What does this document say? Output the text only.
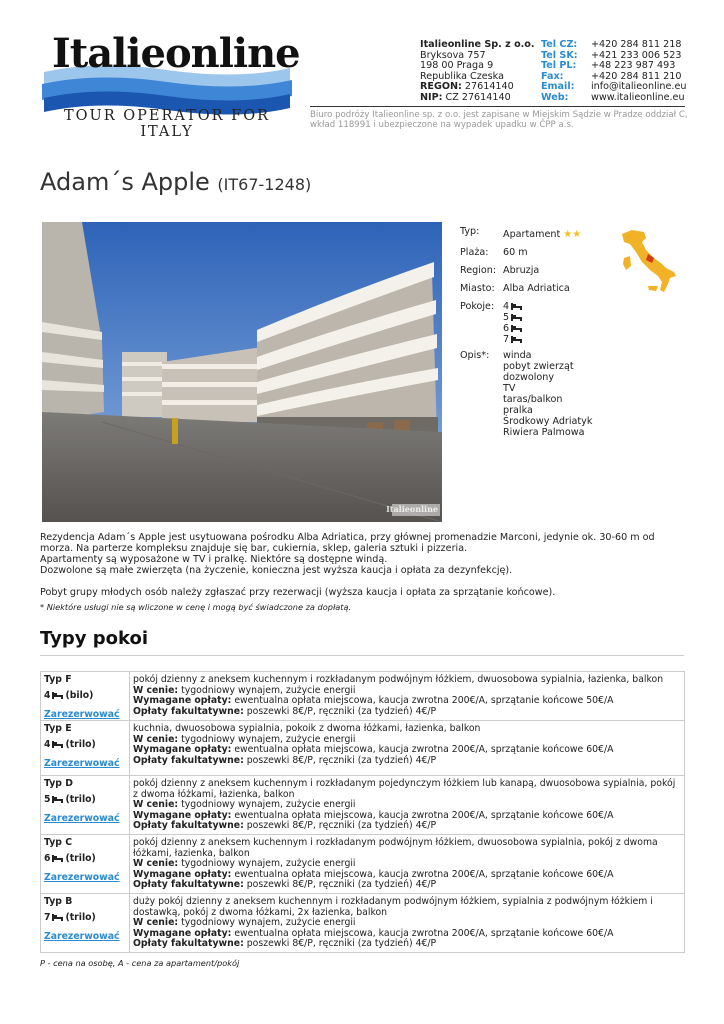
Italieonline
TOUR OPERATOR FOR ITALY
Italieonline Sp. z o.o.
Bryksova 757
198 00 Praga 9
Republika Czeska
REGON: 27614140
NIP: CZ 27614140
Tel CZ:	+420 284 811 218
Tel SK:	+421 233 006 523
Tel PL:	+48 223 987 493
Fax:	+420 284 811 210
Email:	info@italieonline.eu
Web:	www.italieonline.eu
Biuro podróży Italieonline sp. z o.o. jest zapisane w Miejskim Sądzie w Pradze oddział C, wkład 118991 i ubezpieczone na wypadek upadku w ČPP a.s.
Adam´s Apple (IT67-1248)
Italieonline
Typ:	Apartament ★★
Plaża:	60 m
Region: Abruzja
Miasto: Alba Adriatica
Pokoje: 4
5
6
7
Opis*:	winda
pobyt zwierząt
dozwolony
TV
taras/balkon
pralka
Środkowy Adriatyk
Riwiera Palmowa

Rezydencja Adam´s Apple jest usytuowana pośrodku Alba Adriatica, przy głównej promenadzie Marconi, jedynie ok. 30-60 m od morza. Na parterze kompleksu znajduje się bar, cukiernia, sklep, galeria sztuki i pizzeria.

Apartamenty są wyposażone w TV i pralkę. Niektóre są dostępne windą.

Dozwolone są małe zwierzęta (na życzenie, konieczna jest wyższa kaucja i opłata za dezynfekcję).

Pobyt grupy młodych osób należy zgłaszać przy rezerwacji (wyższa kaucja i opłata za sprzątanie końcowe).

* Niektóre usługi nie są wliczone w cenę i mogą być świadczone za dopłatą.
Typy pokoi
Typ F
4 (bilo)
Zarezerwować
pokój dzienny z aneksem kuchennym i rozkładanym podwójnym łóżkiem, dwuosobowa sypialnia, łazienka, balkon
W cenie: tygodniowy wynajem, zużycie energii
Wymagane opłaty: ewentualna opłata miejscowa, kaucja zwrotna 200€/A, sprzątanie końcowe 50€/A
Opłaty fakultatywne: poszewki 8€/P, ręczniki (za tydzień) 4€/P
Typ E
4 (trilo)
Zarezerwować
kuchnia, dwuosobowa sypialnia, pokoik z dwoma łóżkami, łazienka, balkon
W cenie: tygodniowy wynajem, zużycie energii
Wymagane opłaty: ewentualna opłata miejscowa, kaucja zwrotna 200€/A, sprzątanie końcowe 60€/A
Opłaty fakultatywne: poszewki 8€/P, ręczniki (za tydzień) 4€/P
Typ D
5 (trilo)
Zarezerwować
pokój dzienny z aneksem kuchennym i rozkładanym pojedynczym łóżkiem lub kanapą, dwuosobowa sypialnia, pokój z dwoma łóżkami, łazienka, balkon
W cenie: tygodniowy wynajem, zużycie energii
Wymagane opłaty: ewentualna opłata miejscowa, kaucja zwrotna 200€/A, sprzątanie końcowe 60€/A
Opłaty fakultatywne: poszewki 8€/P, ręczniki (za tydzień) 4€/P
Typ C
6 (trilo)
Zarezerwować
pokój dzienny z aneksem kuchennym i rozkładanym podwójnym łóżkiem, dwuosobowa sypialnia, pokój z dwoma łóżkami, łazienka, balkon
W cenie: tygodniowy wynajem, zużycie energii
Wymagane opłaty: ewentualna opłata miejscowa, kaucja zwrotna 200€/A, sprzątanie końcowe 60€/A
Opłaty fakultatywne: poszewki 8€/P, ręczniki (za tydzień) 4€/P
Typ B
7 (trilo)
Zarezerwować
duży pokój dzienny z aneksem kuchennym i rozkładanym podwójnym łóżkiem, sypialnia z podwójnym łóżkiem i dostawką, pokój z dwoma łóżkami, 2x łazienka, balkon
W cenie: tygodniowy wynajem, zużycie energii
Wymagane opłaty: ewentualna opłata miejscowa, kaucja zwrotna 200€/A, sprzątanie końcowe 60€/A
Opłaty fakultatywne: poszewki 8€/P, ręczniki (za tydzień) 4€/P
P - cena na osobę, A - cena za apartament/pokój
